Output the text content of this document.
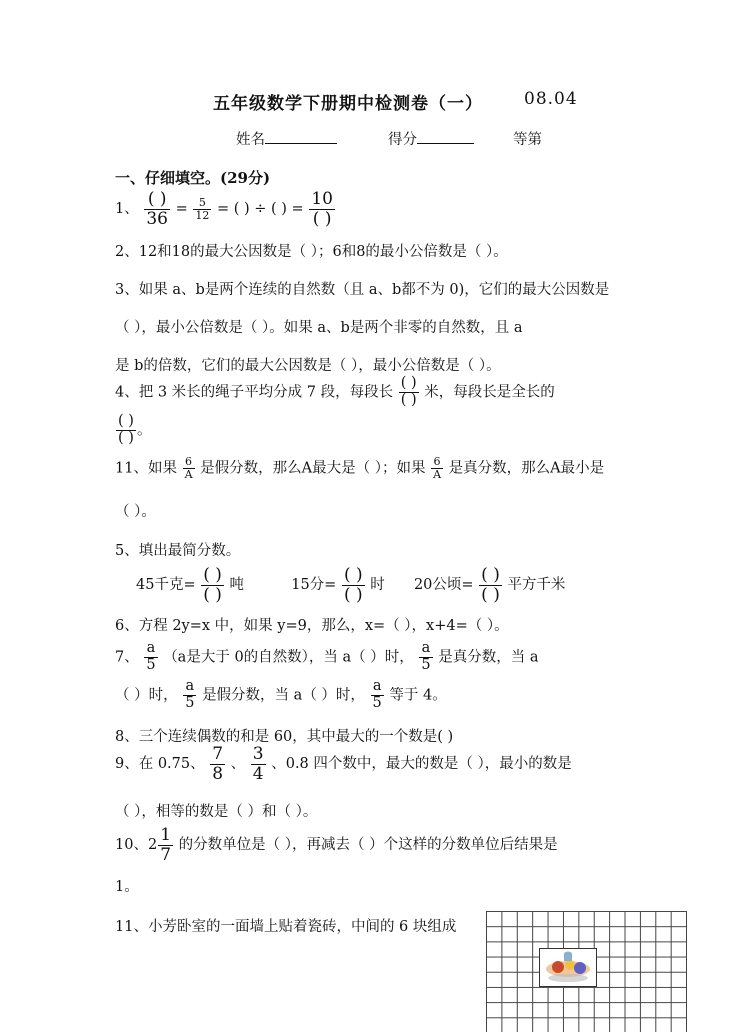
五年级数学下册期中检测卷（一） 08.04
姓名	得分	等第
一、仔细填空。(29分)
1、 $\frac{( )}{36} = \frac{5}{12}$ = ( ) ÷ ( ) = $\frac{10}{( )}$
2、12和18的最大公因数是（ ）；6和8的最小公倍数是（ ）。
3、如果 a、b是两个连续的自然数（且 a、b都不为 0)，它们的最大公因数是
（ ），最小公倍数是（ ）。如果 a、b是两个非零的自然数，且 a
是 b的倍数，它们的最大公因数是（ ），最小公倍数是（ ）。
4、把 3 米长的绳子平均分成 7 段，每段长 $\frac{( )}{( )}$ 米，每段长是全长的
$\frac{( )}{( )}$ 。
11、如果 $\frac{6}{A}$ 是假分数，那么A最大是（ ）；如果 $\frac{6}{A}$ 是真分数，那么A最小是
（ ）。
5、填出最简分数。
45千克= $\frac{( )}{( )}$ 吨	15分= $\frac{( )}{( )}$ 时 20公顷= $\frac{( )}{( )}$ 平方千米
6、方程 2y=x 中，如果 y=9，那么，x=（ ），x+4=（ ）。
7、 $\frac{a}{5} (a$是大于 0的自然数），当 a（ ）时， $\frac{a}{5}$ 是真分数，当 a
（ ）时， $\frac{a}{5}$ 是假分数，当 a（ ）时， $\frac{a}{5}$ 等于 4。
8、三个连续偶数的和是 60，其中最大的一个数是( )
9、在 0.75、 $\frac{7}{8}$ 、 $\frac{3}{4}$ 、0.8 四个数中，最大的数是（ ），最小的数是
（ ），相等的数是（ ）和（ ）。
10、$2 \frac{1}{7}$ 的分数单位是（ ），再减去（ ）个这样的分数单位后结果是
1。
11、小芳卧室的一面墙上贴着瓷砖，中间的 6 块组成
